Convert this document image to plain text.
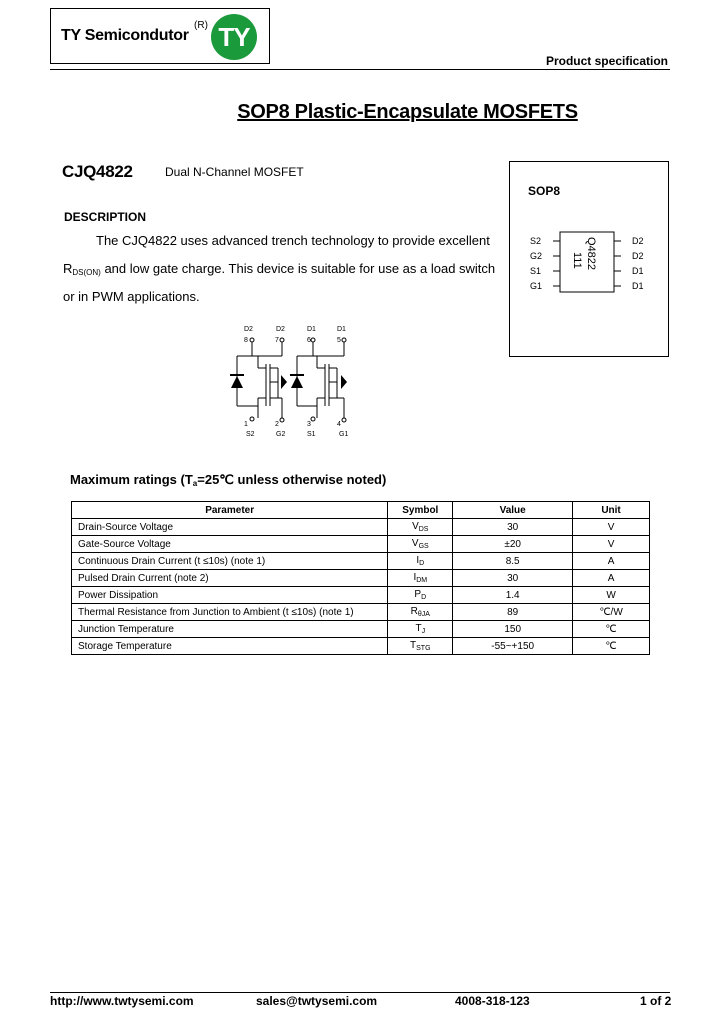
TY Semicondutor
(R) TY
Product specification
SOP8 Plastic-Encapsulate MOSFETS
CJQ4822	Dual N-Channel MOSFET
DESCRIPTION
The CJQ4822 uses advanced trench technology to provide excellent
$R_{DS(ON)}$ and low gate charge. This device is suitable for use as a load switch
or in PWM applications.
SOP8
S2
G2
S1
G1
D2
D2
D1
D1
Q4822
111
D2	D2	D1	D1
8	7	6	5
1	2	3	4
S2	G2	S1	G1
Maximum ratings ($T_a=25℃$ unless otherwise noted)
Parameter	Symbol	Value	Unit
Drain-Source Voltage	$V_{DS}$	30	V
Gate-Source Voltage	$V_{GS}$	±20	V
Continuous Drain Current (t ≤10s) (note 1)	$I_D$	8.5	A
Pulsed Drain Current (note 2)	$I_{DM}$	30	A
Power Dissipation	$P_D$	1.4	W
Thermal Resistance from Junction to Ambient (t ≤10s) (note 1)	$R_{\theta JA}$	89	℃/W
Junction Temperature	$T_J$	150	℃
Storage Temperature	$T_{STG}$	-55~+150	℃
http://www.twtysemi.com	sales@twtysemi.com	4008-318-123	1 of 2
